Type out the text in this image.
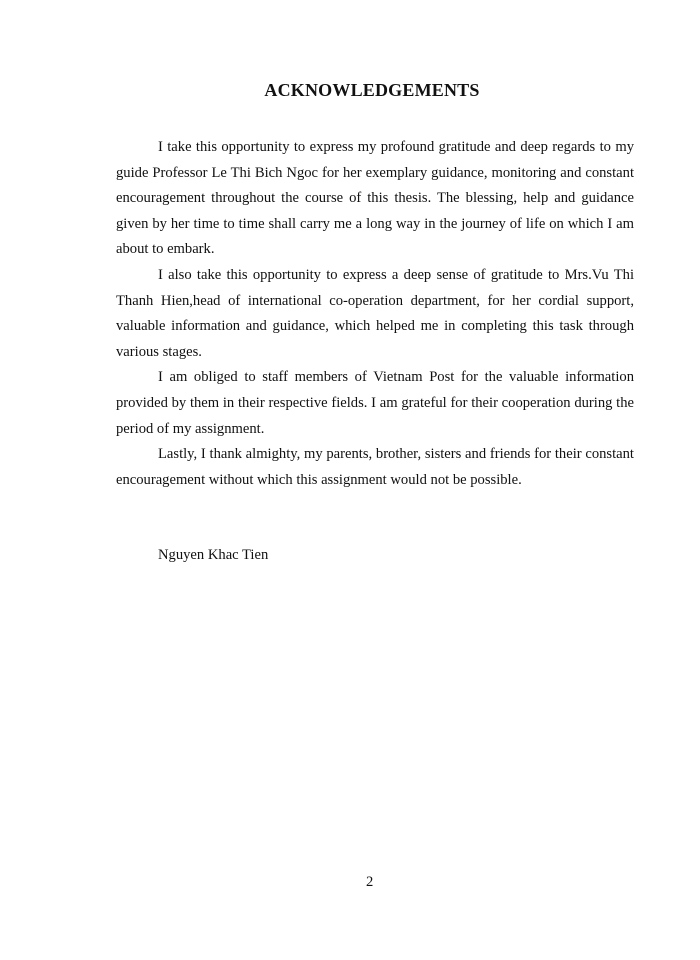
ACKNOWLEDGEMENTS

I take this opportunity to express my profound gratitude and deep regards to my guide Professor Le Thi Bich Ngoc for her exemplary guidance, monitoring and constant encouragement throughout the course of this thesis. The blessing, help and guidance given by her time to time shall carry me a long way in the journey of life on which I am about to embark.

I also take this opportunity to express a deep sense of gratitude to Mrs.Vu Thi Thanh Hien,head of international co-operation department, for her cordial support, valuable information and guidance, which helped me in completing this task through various stages.

I am obliged to staff members of Vietnam Post for the valuable information provided by them in their respective fields. I am grateful for their cooperation during the period of my assignment.

Lastly, I thank almighty, my parents, brother, sisters and friends for their constant encouragement without which this assignment would not be possible.

Nguyen Khac Tien

2
